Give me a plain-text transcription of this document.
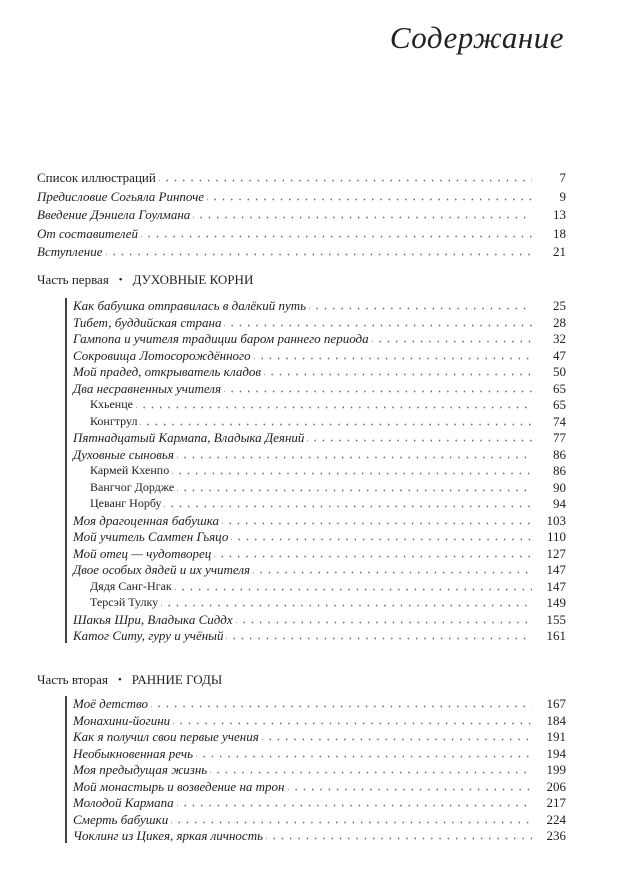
Содержание
Список иллюстраций	7
Предисловие Согьяла Ринпоче	9
Введение Дэниела Гоулмана	13
От составителей	18
Вступление	21
Часть первая • ДУХОВНЫЕ КОРНИ
Как бабушка отправилась в далёкий путь	25
Тибет, буддийская страна	28
Гампопа и учителя традиции баром раннего периода	32
Сокровища Лотосорождённого	47
Мой прадед, открыватель кладов	50
Два несравненных учителя	65
Кхьенце	65
Конгтрул	74
Пятнадцатый Кармапа, Владыка Деяний	77
Духовные сыновья	86
Кармей Кхенпо	86
Вангчог Дордже	90
Цеванг Норбу	94
Моя драгоценная бабушка	103
Мой учитель Самтен Гьяцо	110
Мой отец — чудотворец	127
Двое особых дядей и их учителя	147
Дядя Санг-Нгак	147
Терсэй Тулку	149
Шакья Шри, Владыка Сиддх	155
Катог Ситу, гуру и учёный	161
Часть вторая • РАННИЕ ГОДЫ
Моё детство	167
Монахини-йогини	184
Как я получил свои первые учения	191
Необыкновенная речь	194
Моя предыдущая жизнь	199
Мой монастырь и возведение на трон	206
Молодой Кармапа	217
Смерть бабушки	224
Чоклинг из Цикея, яркая личность	236
